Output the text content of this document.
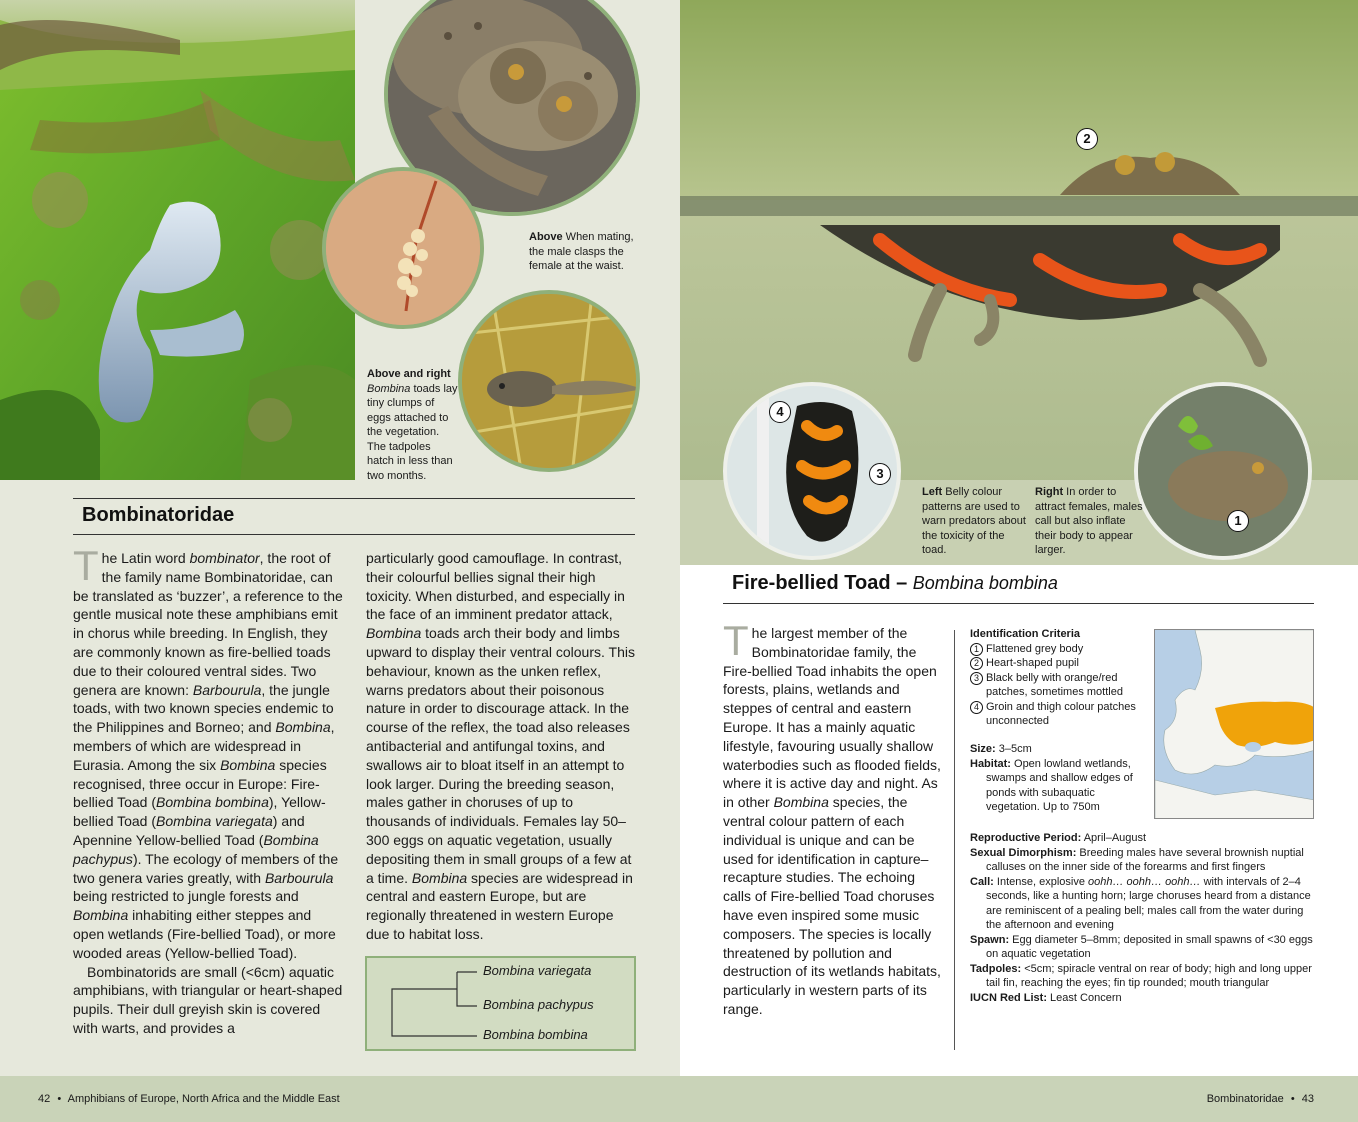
Above When mating, the male clasps the female at the waist.
Above and right
Bombina toads lay tiny clumps of eggs attached to the vegetation. The tadpoles hatch in less than two months.
Bombinatoridae

The Latin word bombinator, the root of the family name Bombinatoridae, can be translated as ‘buzzer’, a reference to the gentle musical note these amphibians emit in chorus while breeding. In English, they are commonly known as fire-bellied toads due to their coloured ventral sides. Two genera are known: Barbourula, the jungle toads, with two known species endemic to the Philippines and Borneo; and Bombina, members of which are widespread in Eurasia. Among the six Bombina species recognised, three occur in Europe: Fire-bellied Toad (Bombina bombina), Yellow-bellied Toad (Bombina variegata) and Apennine Yellow-bellied Toad (Bombina pachypus). The ecology of members of the two genera varies greatly, with Barbourula being restricted to jungle forests and Bombina inhabiting either steppes and open wetlands (Fire-bellied Toad), or more wooded areas (Yellow-bellied Toad).

Bombinatorids are small (<6cm) aquatic amphibians, with triangular or heart-shaped pupils. Their dull greyish skin is covered with warts, and provides a

particularly good camouflage. In contrast, their colourful bellies signal their high toxicity. When disturbed, and especially in the face of an imminent predator attack, Bombina toads arch their body and limbs upward to display their ventral colours. This behaviour, known as the unken reflex, warns predators about their poisonous nature in order to discourage attack. In the course of the reflex, the toad also releases antibacterial and antifungal toxins, and swallows air to bloat itself in an attempt to look larger. During the breeding season, males gather in choruses of up to thousands of individuals. Females lay 50–300 eggs on aquatic vegetation, usually depositing them in small groups of a few at a time. Bombina species are widespread in central and eastern Europe, but are regionally threatened in western Europe due to habitat loss.

Bombina variegata
Bombina pachypus
Bombina bombina
42 • Amphibians of Europe, North Africa and the Middle East
2
4
3
1
Left Belly colour patterns are used to warn predators about the toxicity of the toad.
Right In order to attract females, males call but also inflate their body to appear larger.
Fire-bellied Toad – Bombina bombina

The largest member of the Bombinatoridae family, the Fire-bellied Toad inhabits the open forests, plains, wetlands and steppes of central and eastern Europe. It has a mainly aquatic lifestyle, favouring usually shallow waterbodies such as flooded fields, where it is active day and night. As in other Bombina species, the ventral colour pattern of each individual is unique and can be used for identification in capture–recapture studies. The echoing calls of Fire-bellied Toad choruses have even inspired some music composers. The species is locally threatened by pollution and destruction of its wetlands habitats, particularly in western parts of its range.

Identification Criteria
1 Flattened grey body
2 Heart-shaped pupil
3 Black belly with orange/red patches, sometimes mottled
4 Groin and thigh colour patches unconnected
Size: 3–5cm
Habitat: Open lowland wetlands, swamps and shallow edges of ponds with subaquatic vegetation. Up to 750m
Reproductive Period: April–August
Sexual Dimorphism: Breeding males have several brownish nuptial calluses on the inner side of the forearms and first fingers
Call: Intense, explosive oohh… oohh… oohh… with intervals of 2–4 seconds, like a hunting horn; large choruses heard from a distance are reminiscent of a pealing bell; males call from the water during the afternoon and evening
Spawn: Egg diameter 5–8mm; deposited in small spawns of <30 eggs on aquatic vegetation
Tadpoles: <5cm; spiracle ventral on rear of body; high and long upper tail fin, reaching the eyes; fin tip rounded; mouth triangular
IUCN Red List: Least Concern
Bombinatoridae • 43
